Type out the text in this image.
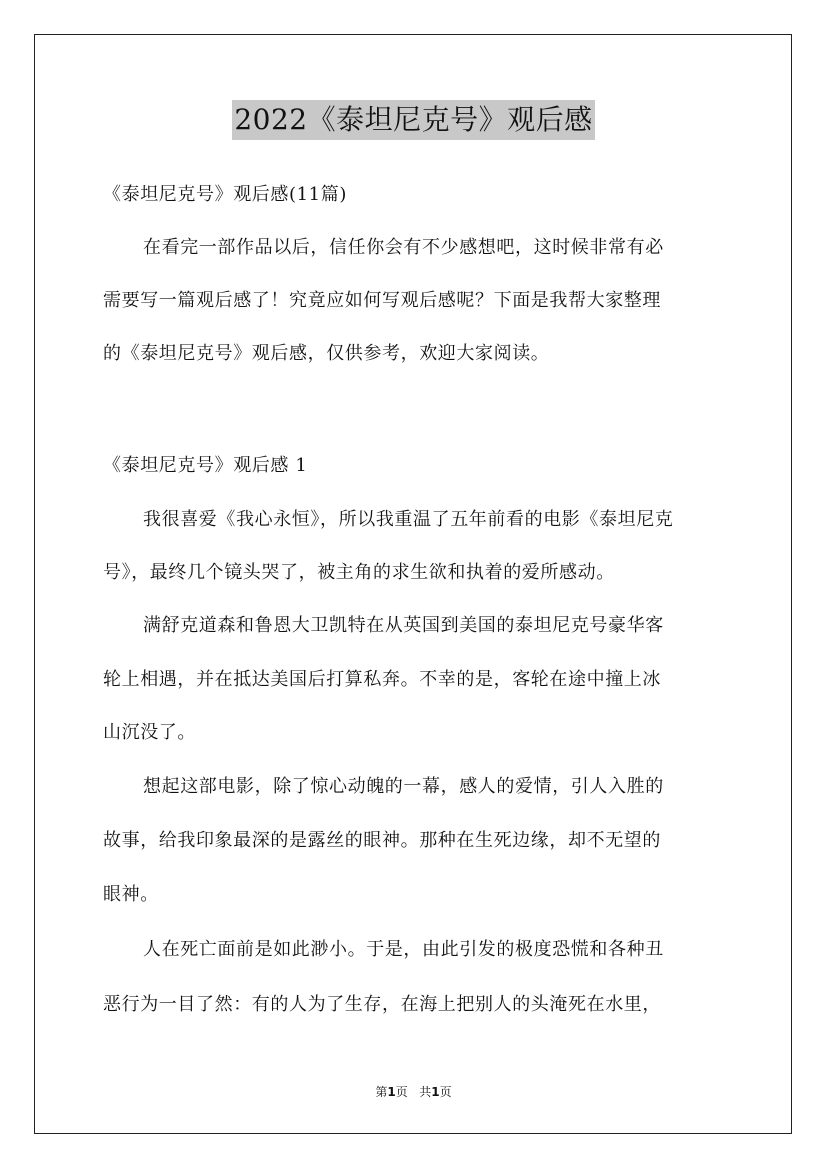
2022《泰坦尼克号》观后感
《泰坦尼克号》观后感(11篇)
在看完一部作品以后，信任你会有不少感想吧，这时候非常有必
需要写一篇观后感了！究竟应如何写观后感呢？下面是我帮大家整理
的《泰坦尼克号》观后感，仅供参考，欢迎大家阅读。
《泰坦尼克号》观后感 1
我很喜爱《我心永恒》，所以我重温了五年前看的电影《泰坦尼克
号》，最终几个镜头哭了，被主角的求生欲和执着的爱所感动。
满舒克道森和鲁恩大卫凯特在从英国到美国的泰坦尼克号豪华客
轮上相遇，并在抵达美国后打算私奔。不幸的是，客轮在途中撞上冰
山沉没了。
想起这部电影，除了惊心动魄的一幕，感人的爱情，引人入胜的
故事，给我印象最深的是露丝的眼神。那种在生死边缘，却不无望的
眼神。
人在死亡面前是如此渺小。于是，由此引发的极度恐慌和各种丑
恶行为一目了然：有的人为了生存，在海上把别人的头淹死在水里，
第1页 共1页
